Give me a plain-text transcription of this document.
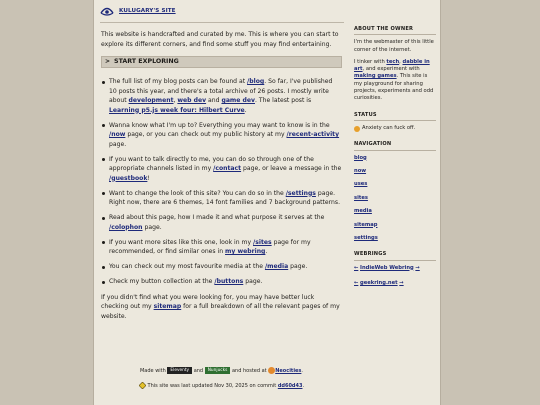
KULUGARY'S SITE

This website is handcrafted and curated by me. This is where you can start to explore its different corners, and find some stuff you may find entertaining.

> START EXPLORING
The full list of my blog posts can be found at /blog. So far, I've published 10 posts this year, and there's a total archive of 26 posts. I mostly write about development, web dev and game dev. The latest post is Learning p5.js week four: Hilbert Curve.
Wanna know what I'm up to? Everything you may want to know is in the /now page, or you can check out my public history at my /recent-activity page.
If you want to talk directly to me, you can do so through one of the appropriate channels listed in my /contact page, or leave a message in the /guestbook!
Want to change the look of this site? You can do so in the /settings page. Right now, there are 6 themes, 14 font families and 7 background patterns.
Read about this page, how I made it and what purpose it serves at the /colophon page.
If you want more sites like this one, look in my /sites page for my recommended, or find similar ones in my webring.
You can check out my most favourite media at the /media page.
Check my button collection at the /buttons page.

If you didn't find what you were looking for, you may have better luck checking out my sitemap for a full breakdown of all the relevant pages of my website.

Made with Eleventy and Nunjucks and hosted at Neocities.
This site was last updated Nov 30, 2025 on commit dd60d43.
ABOUT THE OWNER

I'm the webmaster of this little corner of the internet.

I tinker with tech, dabble in art, and experiment with making games. This site is my playground for sharing projects, experiments and odd curiosities.

STATUS
Anxiety can fuck off.
NAVIGATION
blog
now
uses
sites
media
sitemap
settings
WEBRINGS
← IndieWeb Webring →
← geekring.net →
